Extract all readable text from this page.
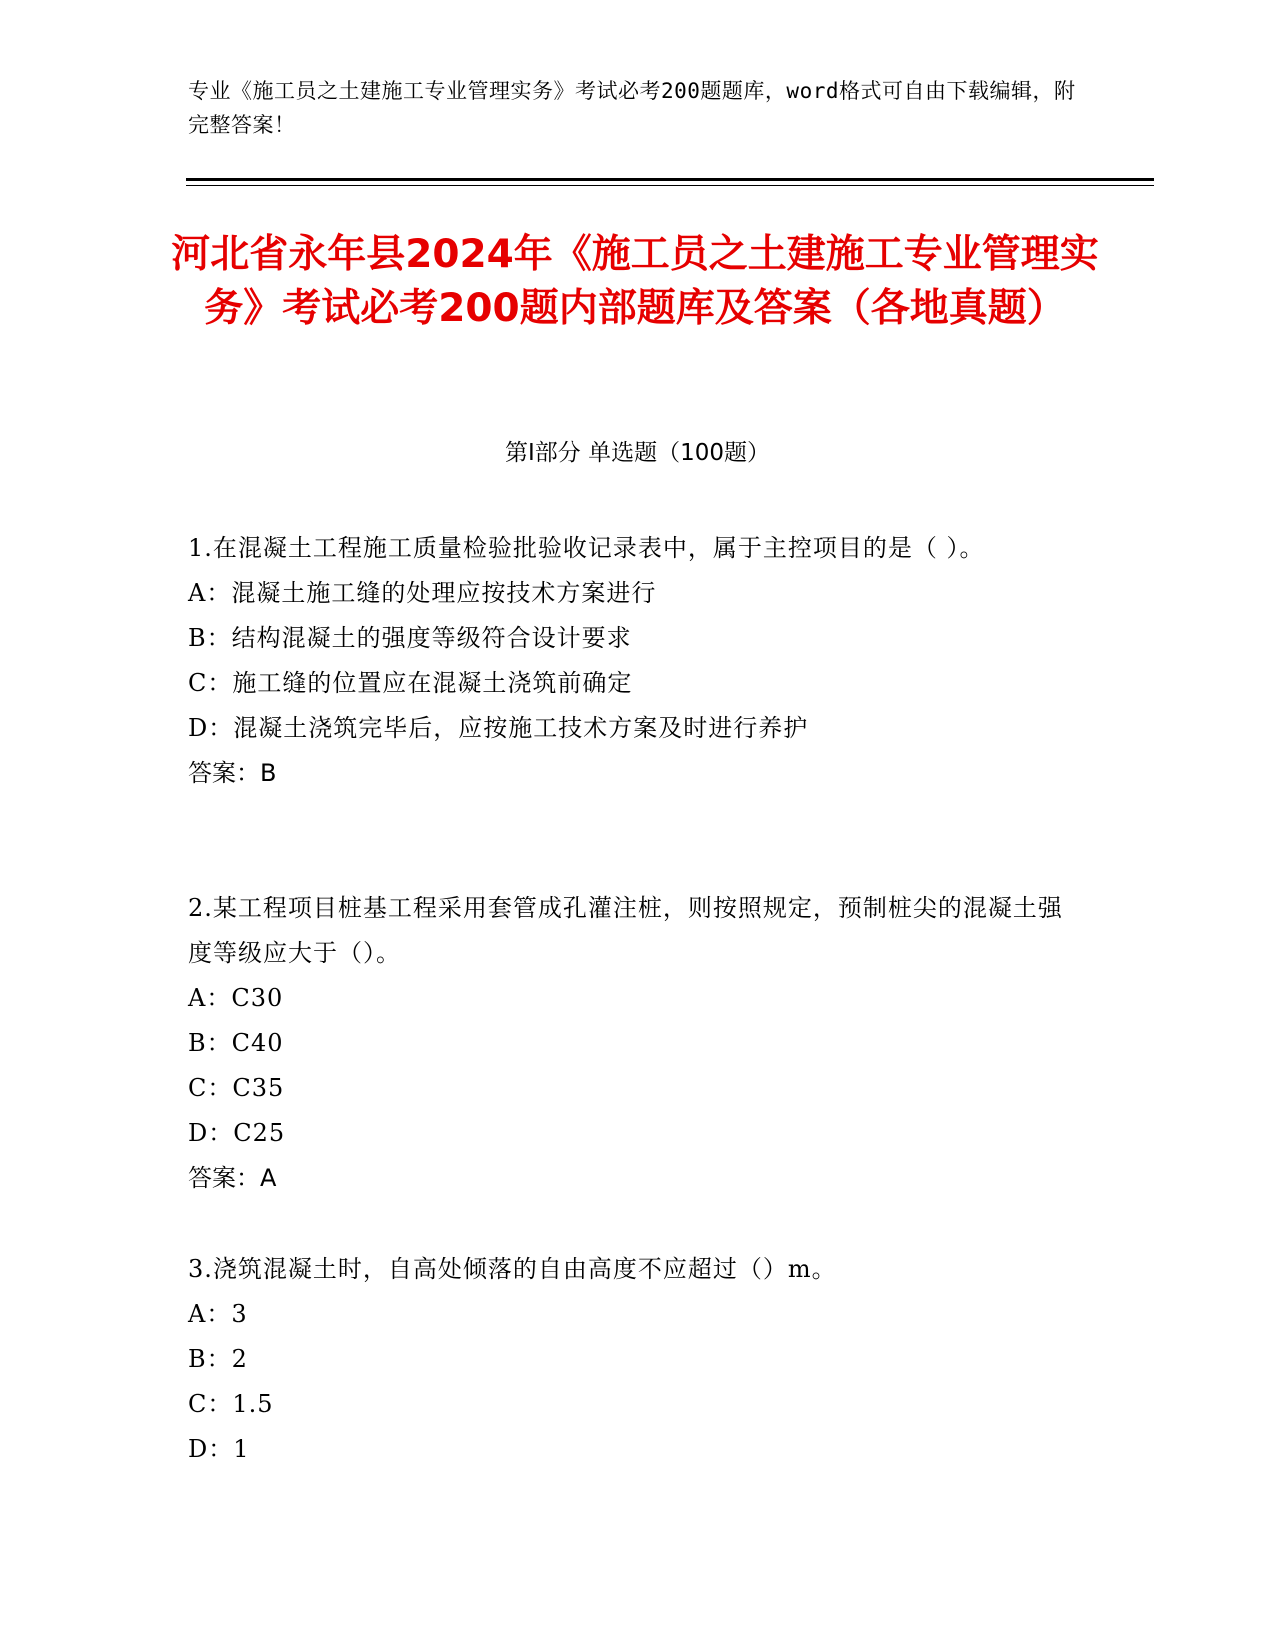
专业《施工员之土建施工专业管理实务》考试必考200题题库，word格式可自由下载编辑，附完整答案！
河北省永年县2024年《施工员之土建施工专业管理实务》考试必考200题内部题库及答案（各地真题）
第Ⅰ部分 单选题（100题）
1.在混凝土工程施工质量检验批验收记录表中，属于主控项目的是（ ）。
A：混凝土施工缝的处理应按技术方案进行
B：结构混凝土的强度等级符合设计要求
C：施工缝的位置应在混凝土浇筑前确定
D：混凝土浇筑完毕后，应按施工技术方案及时进行养护
答案：B
2.某工程项目桩基工程采用套管成孔灌注桩，则按照规定，预制桩尖的混凝土强度等级应大于（）。
A：C30
B：C40
C：C35
D：C25
答案：A
3.浇筑混凝土时，自高处倾落的自由高度不应超过（）m。
A：3
B：2
C：1.5
D：1
